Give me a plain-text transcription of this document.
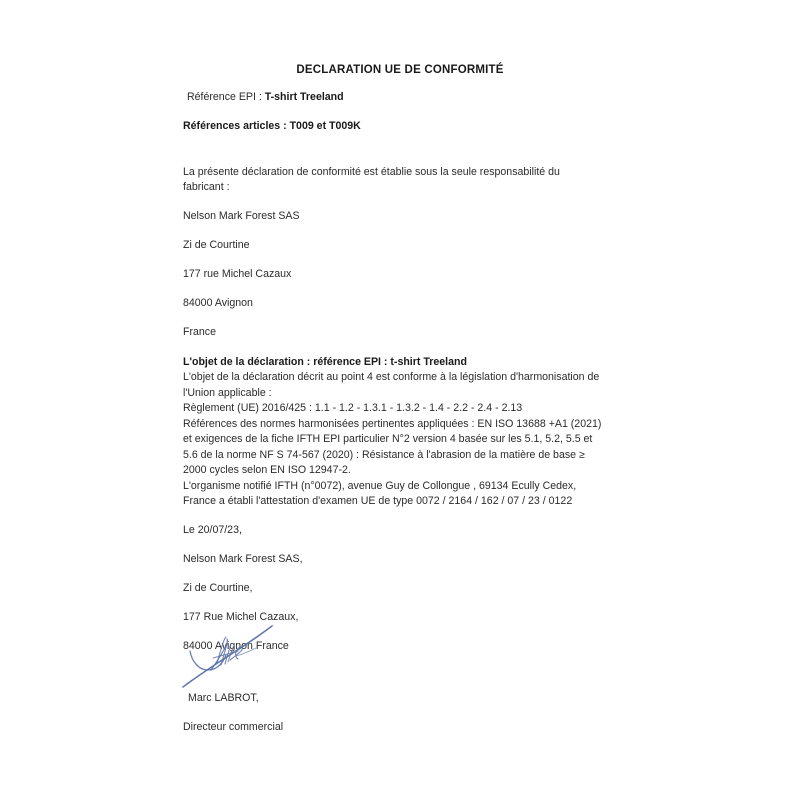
DECLARATION UE DE CONFORMITÉ

Référence EPI : T-shirt Treeland

Références articles : T009 et T009K

La présente déclaration de conformité est établie sous la seule responsabilité du fabricant :

Nelson Mark Forest SAS

Zi de Courtine

177 rue Michel Cazaux

84000 Avignon

France

L'objet de la déclaration : référence EPI : t-shirt Treeland

L'objet de la déclaration décrit au point 4 est conforme à la législation d'harmonisation de l'Union applicable :

Règlement (UE) 2016/425 : 1.1 - 1.2 - 1.3.1 - 1.3.2 - 1.4 - 2.2 - 2.4 - 2.13

Références des normes harmonisées pertinentes appliquées : EN ISO 13688 +A1 (2021) et exigences de la fiche IFTH EPI particulier N°2 version 4 basée sur les 5.1, 5.2, 5.5 et 5.6 de la norme NF S 74-567 (2020) : Résistance à l'abrasion de la matière de base ≥ 2000 cycles selon EN ISO 12947-2.

L'organisme notifié IFTH (n°0072), avenue Guy de Collongue , 69134 Ecully Cedex, France a établi l'attestation d'examen UE de type 0072 / 2164 / 162 / 07 / 23 / 0122

Le 20/07/23,

Nelson Mark Forest SAS,

Zi de Courtine,

177 Rue Michel Cazaux,

84000 Avignon France

Marc LABROT,

Directeur commercial
